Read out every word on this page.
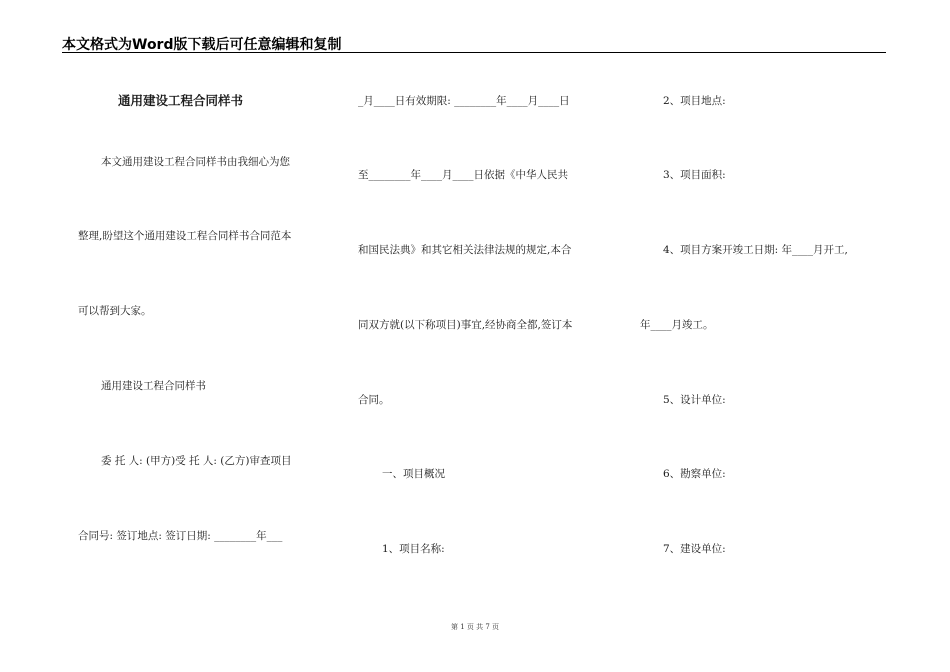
本文格式为Word版下载后可任意编辑和复制
通用建设工程合同样书
本文通用建设工程合同样书由我细心为您
整理,盼望这个通用建设工程合同样书合同范本
可以帮到大家。
通用建设工程合同样书
委 托 人: (甲方)受 托 人: (乙方)审查项目
合同号: 签订地点: 签订日期: ________年___
_月____日有效期限: ________年____月____日
至________年____月____日依据《中华人民共
和国民法典》和其它相关法律法规的规定,本合
同双方就(以下称项目)事宜,经协商全都,签订本
合同。
一、项目概况
1、项目名称:
2、项目地点:
3、项目面积:
4、项目方案开竣工日期: 年____月开工,
年____月竣工。
5、设计单位:
6、勘察单位:
7、建设单位:
第 1 页 共 7 页
